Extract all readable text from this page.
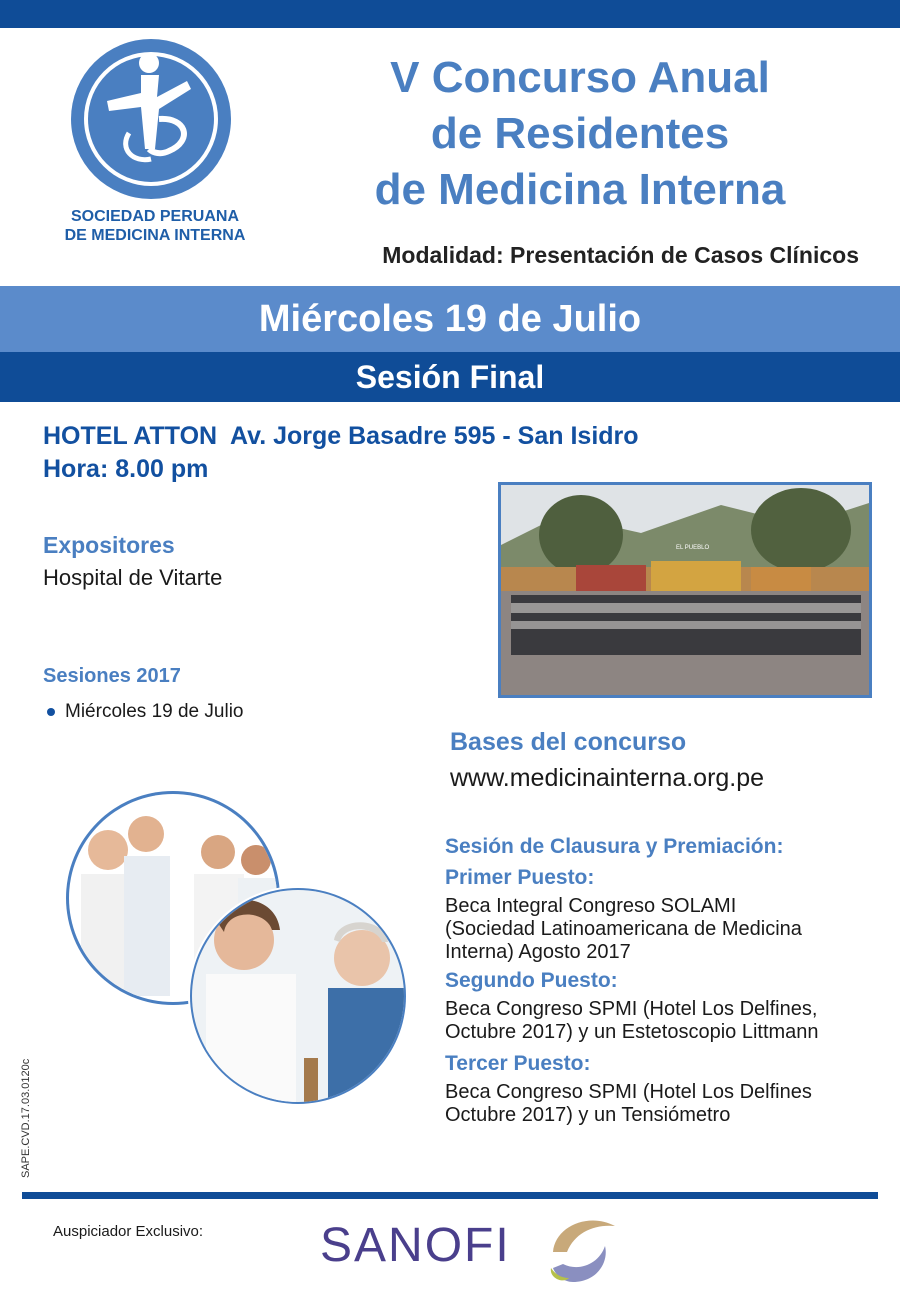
SOCIEDAD PERUANA
DE MEDICINA INTERNA
V Concurso Anual
de Residentes
de Medicina Interna
Modalidad: Presentación de Casos Clínicos
Miércoles 19 de Julio
Sesión Final
HOTEL ATTON  Av. Jorge Basadre 595 - San Isidro
Hora: 8.00 pm
Expositores
Hospital de Vitarte
Sesiones 2017
Miércoles 19 de Julio
EL PUEBLO
Bases del concurso
www.medicinainterna.org.pe
Sesión de Clausura y Premiación:
Primer Puesto:
Beca Integral Congreso SOLAMI
(Sociedad Latinoamericana de Medicina
Interna) Agosto 2017
Segundo Puesto:
Beca Congreso SPMI (Hotel Los Delfines,
Octubre 2017) y un Estetoscopio Littmann
Tercer Puesto:
Beca Congreso SPMI (Hotel Los Delfines
Octubre 2017) y un Tensiómetro
SAPE.CVD.17.03.0120c
Auspiciador Exclusivo: SANOFI
